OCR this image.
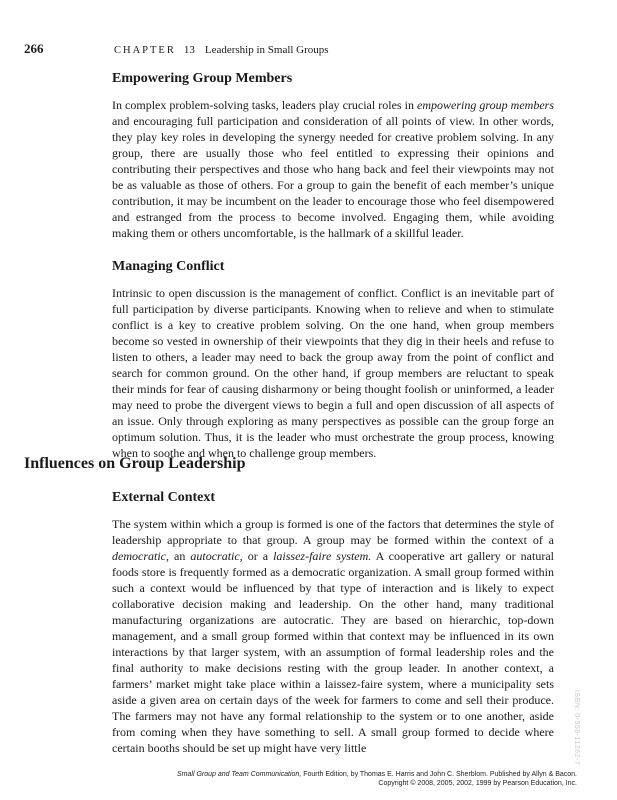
266	CHAPTER 13 Leadership in Small Groups
Empowering Group Members

In complex problem-solving tasks, leaders play crucial roles in empowering group members and encouraging full participation and consideration of all points of view. In other words, they play key roles in developing the synergy needed for creative problem solving. In any group, there are usually those who feel entitled to expressing their opinions and contributing their perspectives and those who hang back and feel their viewpoints may not be as valuable as those of others. For a group to gain the benefit of each member’s unique contribution, it may be incumbent on the leader to encourage those who feel disempowered and estranged from the process to become involved. Engaging them, while avoiding making them or others uncomfortable, is the hallmark of a skillful leader.

Managing Conflict

Intrinsic to open discussion is the management of conflict. Conflict is an inevitable part of full participation by diverse participants. Knowing when to relieve and when to stimulate conflict is a key to creative problem solving. On the one hand, when group members become so vested in ownership of their viewpoints that they dig in their heels and refuse to listen to others, a leader may need to back the group away from the point of conflict and search for common ground. On the other hand, if group members are reluctant to speak their minds for fear of causing disharmony or being thought foolish or uninformed, a leader may need to probe the divergent views to begin a full and open discussion of all aspects of an issue. Only through exploring as many perspectives as possible can the group forge an optimum solution. Thus, it is the leader who must orchestrate the group process, knowing when to soothe and when to challenge group members.

Influences on Group Leadership
External Context

The system within which a group is formed is one of the factors that determines the style of leadership appropriate to that group. A group may be formed within the context of a democratic, an autocratic, or a laissez-faire system. A cooperative art gallery or natural foods store is frequently formed as a democratic organization. A small group formed within such a context would be influenced by that type of interaction and is likely to expect collaborative decision making and leadership. On the other hand, many traditional manufacturing organizations are autocratic. They are based on hierarchic, top-down management, and a small group formed within that context may be influenced in its own interactions by that larger system, with an assumption of formal leadership roles and the final authority to make decisions resting with the group leader. In another context, a farmers’ market might take place within a laissez-faire system, where a municipality sets aside a given area on certain days of the week for farmers to come and sell their produce. The farmers may not have any formal relationship to the system or to one another, aside from coming when they have something to sell. A small group formed to decide where certain booths should be set up might have very little	ISBN: 0-558-11262-7
Small Group and Team Communication, Fourth Edition, by Thomas E. Harris and John C. Sherblom. Published by Allyn & Bacon.
Copyright © 2008, 2005, 2002, 1999 by Pearson Education, Inc.
